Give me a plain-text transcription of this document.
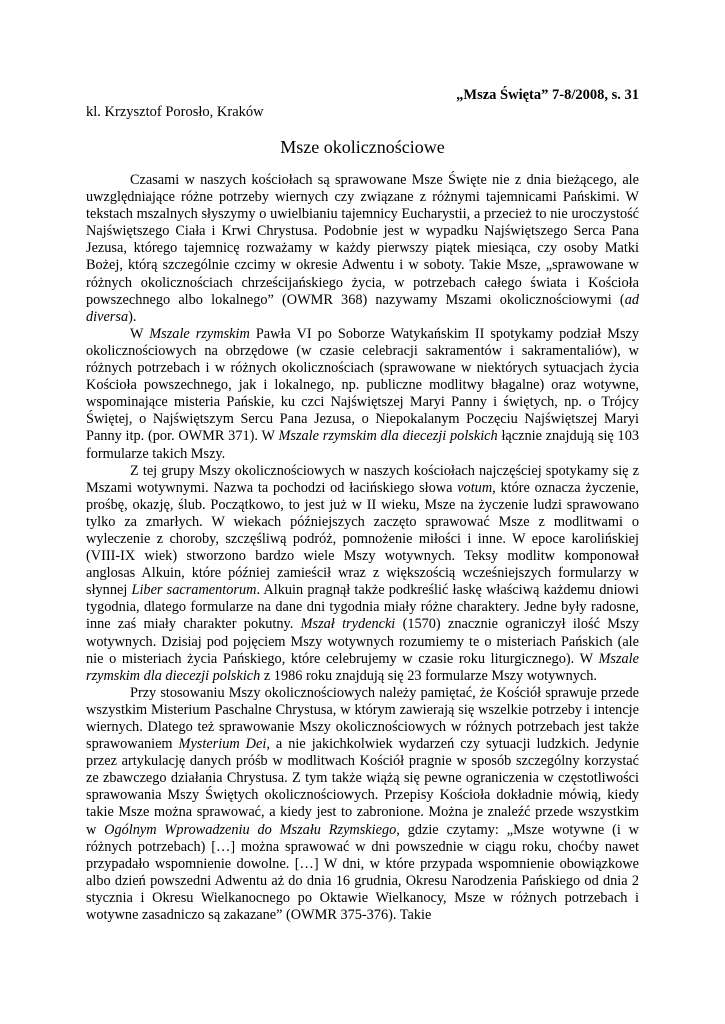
„Msza Święta” 7-8/2008, s. 31
kl. Krzysztof Porosło, Kraków
Msze okolicznościowe

Czasami w naszych kościołach są sprawowane Msze Święte nie z dnia bieżącego, ale uwzględniające różne potrzeby wiernych czy związane z różnymi tajemnicami Pańskimi. W tekstach mszalnych słyszymy o uwielbianiu tajemnicy Eucharystii, a przecież to nie uroczystość Najświętszego Ciała i Krwi Chrystusa. Podobnie jest w wypadku Najświętszego Serca Pana Jezusa, którego tajemnicę rozważamy w każdy pierwszy piątek miesiąca, czy osoby Matki Bożej, którą szczególnie czcimy w okresie Adwentu i w soboty. Takie Msze, „sprawowane w różnych okolicznościach chrześcijańskiego życia, w potrzebach całego świata i Kościoła powszechnego albo lokalnego” (OWMR 368) nazywamy Mszami okolicznościowymi (ad diversa).

W Mszale rzymskim Pawła VI po Soborze Watykańskim II spotykamy podział Mszy okolicznościowych na obrzędowe (w czasie celebracji sakramentów i sakramentaliów), w różnych potrzebach i w różnych okolicznościach (sprawowane w niektórych sytuacjach życia Kościoła powszechnego, jak i lokalnego, np. publiczne modlitwy błagalne) oraz wotywne, wspominające misteria Pańskie, ku czci Najświętszej Maryi Panny i świętych, np. o Trójcy Świętej, o Najświętszym Sercu Pana Jezusa, o Niepokalanym Poczęciu Najświętszej Maryi Panny itp. (por. OWMR 371). W Mszale rzymskim dla diecezji polskich łącznie znajdują się 103 formularze takich Mszy.

Z tej grupy Mszy okolicznościowych w naszych kościołach najczęściej spotykamy się z Mszami wotywnymi. Nazwa ta pochodzi od łacińskiego słowa votum, które oznacza życzenie, prośbę, okazję, ślub. Początkowo, to jest już w II wieku, Msze na życzenie ludzi sprawowano tylko za zmarłych. W wiekach późniejszych zaczęto sprawować Msze z modlitwami o wyleczenie z choroby, szczęśliwą podróż, pomnożenie miłości i inne. W epoce karolińskiej (VIII-IX wiek) stworzono bardzo wiele Mszy wotywnych. Teksy modlitw komponował anglosas Alkuin, które później zamieścił wraz z większością wcześniejszych formularzy w słynnej Liber sacramentorum. Alkuin pragnął także podkreślić łaskę właściwą każdemu dniowi tygodnia, dlatego formularze na dane dni tygodnia miały różne charaktery. Jedne były radosne, inne zaś miały charakter pokutny. Mszał trydencki (1570) znacznie ograniczył ilość Mszy wotywnych. Dzisiaj pod pojęciem Mszy wotywnych rozumiemy te o misteriach Pańskich (ale nie o misteriach życia Pańskiego, które celebrujemy w czasie roku liturgicznego). W Mszale rzymskim dla diecezji polskich z 1986 roku znajdują się 23 formularze Mszy wotywnych.

Przy stosowaniu Mszy okolicznościowych należy pamiętać, że Kościół sprawuje przede wszystkim Misterium Paschalne Chrystusa, w którym zawierają się wszelkie potrzeby i intencje wiernych. Dlatego też sprawowanie Mszy okolicznościowych w różnych potrzebach jest także sprawowaniem Mysterium Dei, a nie jakichkolwiek wydarzeń czy sytuacji ludzkich. Jedynie przez artykulację danych próśb w modlitwach Kościół pragnie w sposób szczególny korzystać ze zbawczego działania Chrystusa. Z tym także wiążą się pewne ograniczenia w częstotliwości sprawowania Mszy Świętych okolicznościowych. Przepisy Kościoła dokładnie mówią, kiedy takie Msze można sprawować, a kiedy jest to zabronione. Można je znaleźć przede wszystkim w Ogólnym Wprowadzeniu do Mszału Rzymskiego, gdzie czytamy: „Msze wotywne (i w różnych potrzebach) […] można sprawować w dni powszednie w ciągu roku, choćby nawet przypadało wspomnienie dowolne. […] W dni, w które przypada wspomnienie obowiązkowe albo dzień powszedni Adwentu aż do dnia 16 grudnia, Okresu Narodzenia Pańskiego od dnia 2 stycznia i Okresu Wielkanocnego po Oktawie Wielkanocy, Msze w różnych potrzebach i wotywne zasadniczo są zakazane” (OWMR 375-376). Takie
